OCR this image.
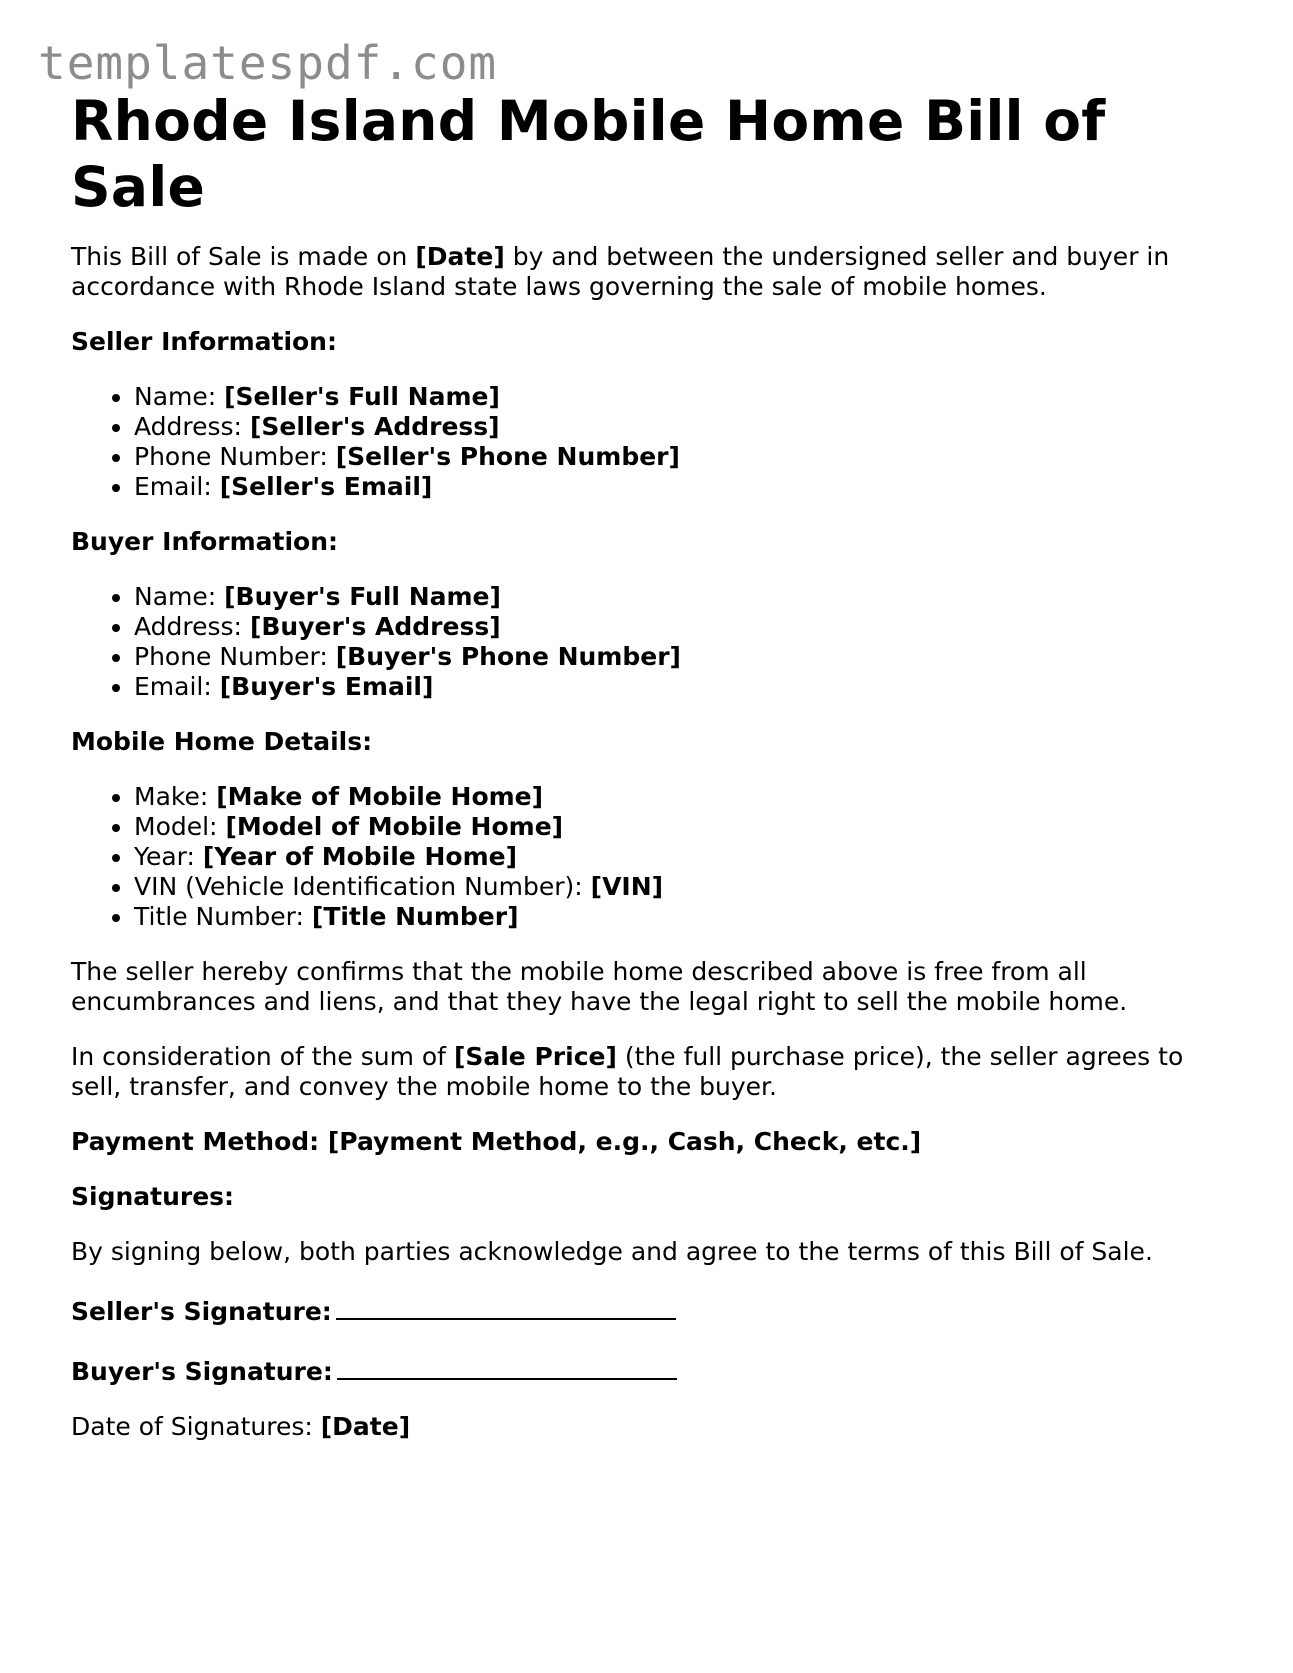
templatespdf.com
Rhode Island Mobile Home Bill of Sale

This Bill of Sale is made on [Date] by and between the undersigned seller and buyer in accordance with Rhode Island state laws governing the sale of mobile homes.

Seller Information:

• Name: [Seller's Full Name]
• Address: [Seller's Address]
• Phone Number: [Seller's Phone Number]
• Email: [Seller's Email]

Buyer Information:

• Name: [Buyer's Full Name]
• Address: [Buyer's Address]
• Phone Number: [Buyer's Phone Number]
• Email: [Buyer's Email]

Mobile Home Details:

• Make: [Make of Mobile Home]
• Model: [Model of Mobile Home]
• Year: [Year of Mobile Home]
• VIN (Vehicle Identification Number): [VIN]
• Title Number: [Title Number]

The seller hereby confirms that the mobile home described above is free from all encumbrances and liens, and that they have the legal right to sell the mobile home.

In consideration of the sum of [Sale Price] (the full purchase price), the seller agrees to sell, transfer, and convey the mobile home to the buyer.

Payment Method: [Payment Method, e.g., Cash, Check, etc.]

Signatures:

By signing below, both parties acknowledge and agree to the terms of this Bill of Sale.

Seller's Signature:

Buyer's Signature:

Date of Signatures: [Date]
